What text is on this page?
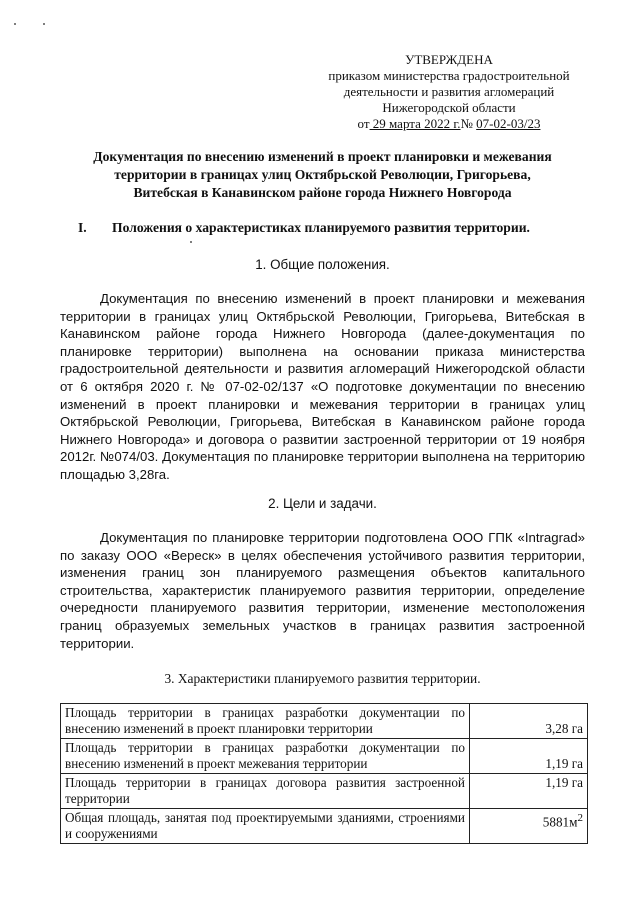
УТВЕРЖДЕНА
приказом министерства градостроительной
деятельности и развития агломераций
Нижегородской области
от 29 марта 2022 г.№ 07-02-03/23
Документация по внесению изменений в проект планировки и межевания
территории в границах улиц Октябрьской Революции, Григорьева,
Витебская в Канавинском районе города Нижнего Новгорода
I. Положения о характеристиках планируемого развития территории.
1. Общие положения.
Документация по внесению изменений в проект планировки и межевания территории в границах улиц Октябрьской Революции, Григорьева, Витебская в Канавинском районе города Нижнего Новгорода (далее-документация по планировке территории) выполнена на основании приказа министерства градостроительной деятельности и развития агломераций Нижегородской области от 6 октября 2020 г. № 07-02-02/137 «О подготовке документации по внесению изменений в проект планировки и межевания территории в границах улиц Октябрьской Революции, Григорьева, Витебская в Канавинском районе города Нижнего Новгорода» и договора о развитии застроенной территории от 19 ноября 2012г. №074/03. Документация по планировке территории выполнена на территорию площадью 3,28га.
2. Цели и задачи.
Документация по планировке территории подготовлена ООО ГПК «Intragrad» по заказу ООО «Вереск» в целях обеспечения устойчивого развития территории, изменения границ зон планируемого размещения объектов капитального строительства, характеристик планируемого развития территории, определение очередности планируемого развития территории, изменение местоположения границ образуемых земельных участков в границах развития застроенной территории.
3. Характеристики планируемого развития территории.
Площадь территории в границах разработки документации по внесению изменений в проект планировки территории	3,28 га
Площадь территории в границах разработки документации по внесению изменений в проект межевания территории	1,19 га
Площадь территории в границах договора развития застроенной территории	1,19 га
Общая площадь, занятая под проектируемыми зданиями, строениями и сооружениями	$5881м^2$
